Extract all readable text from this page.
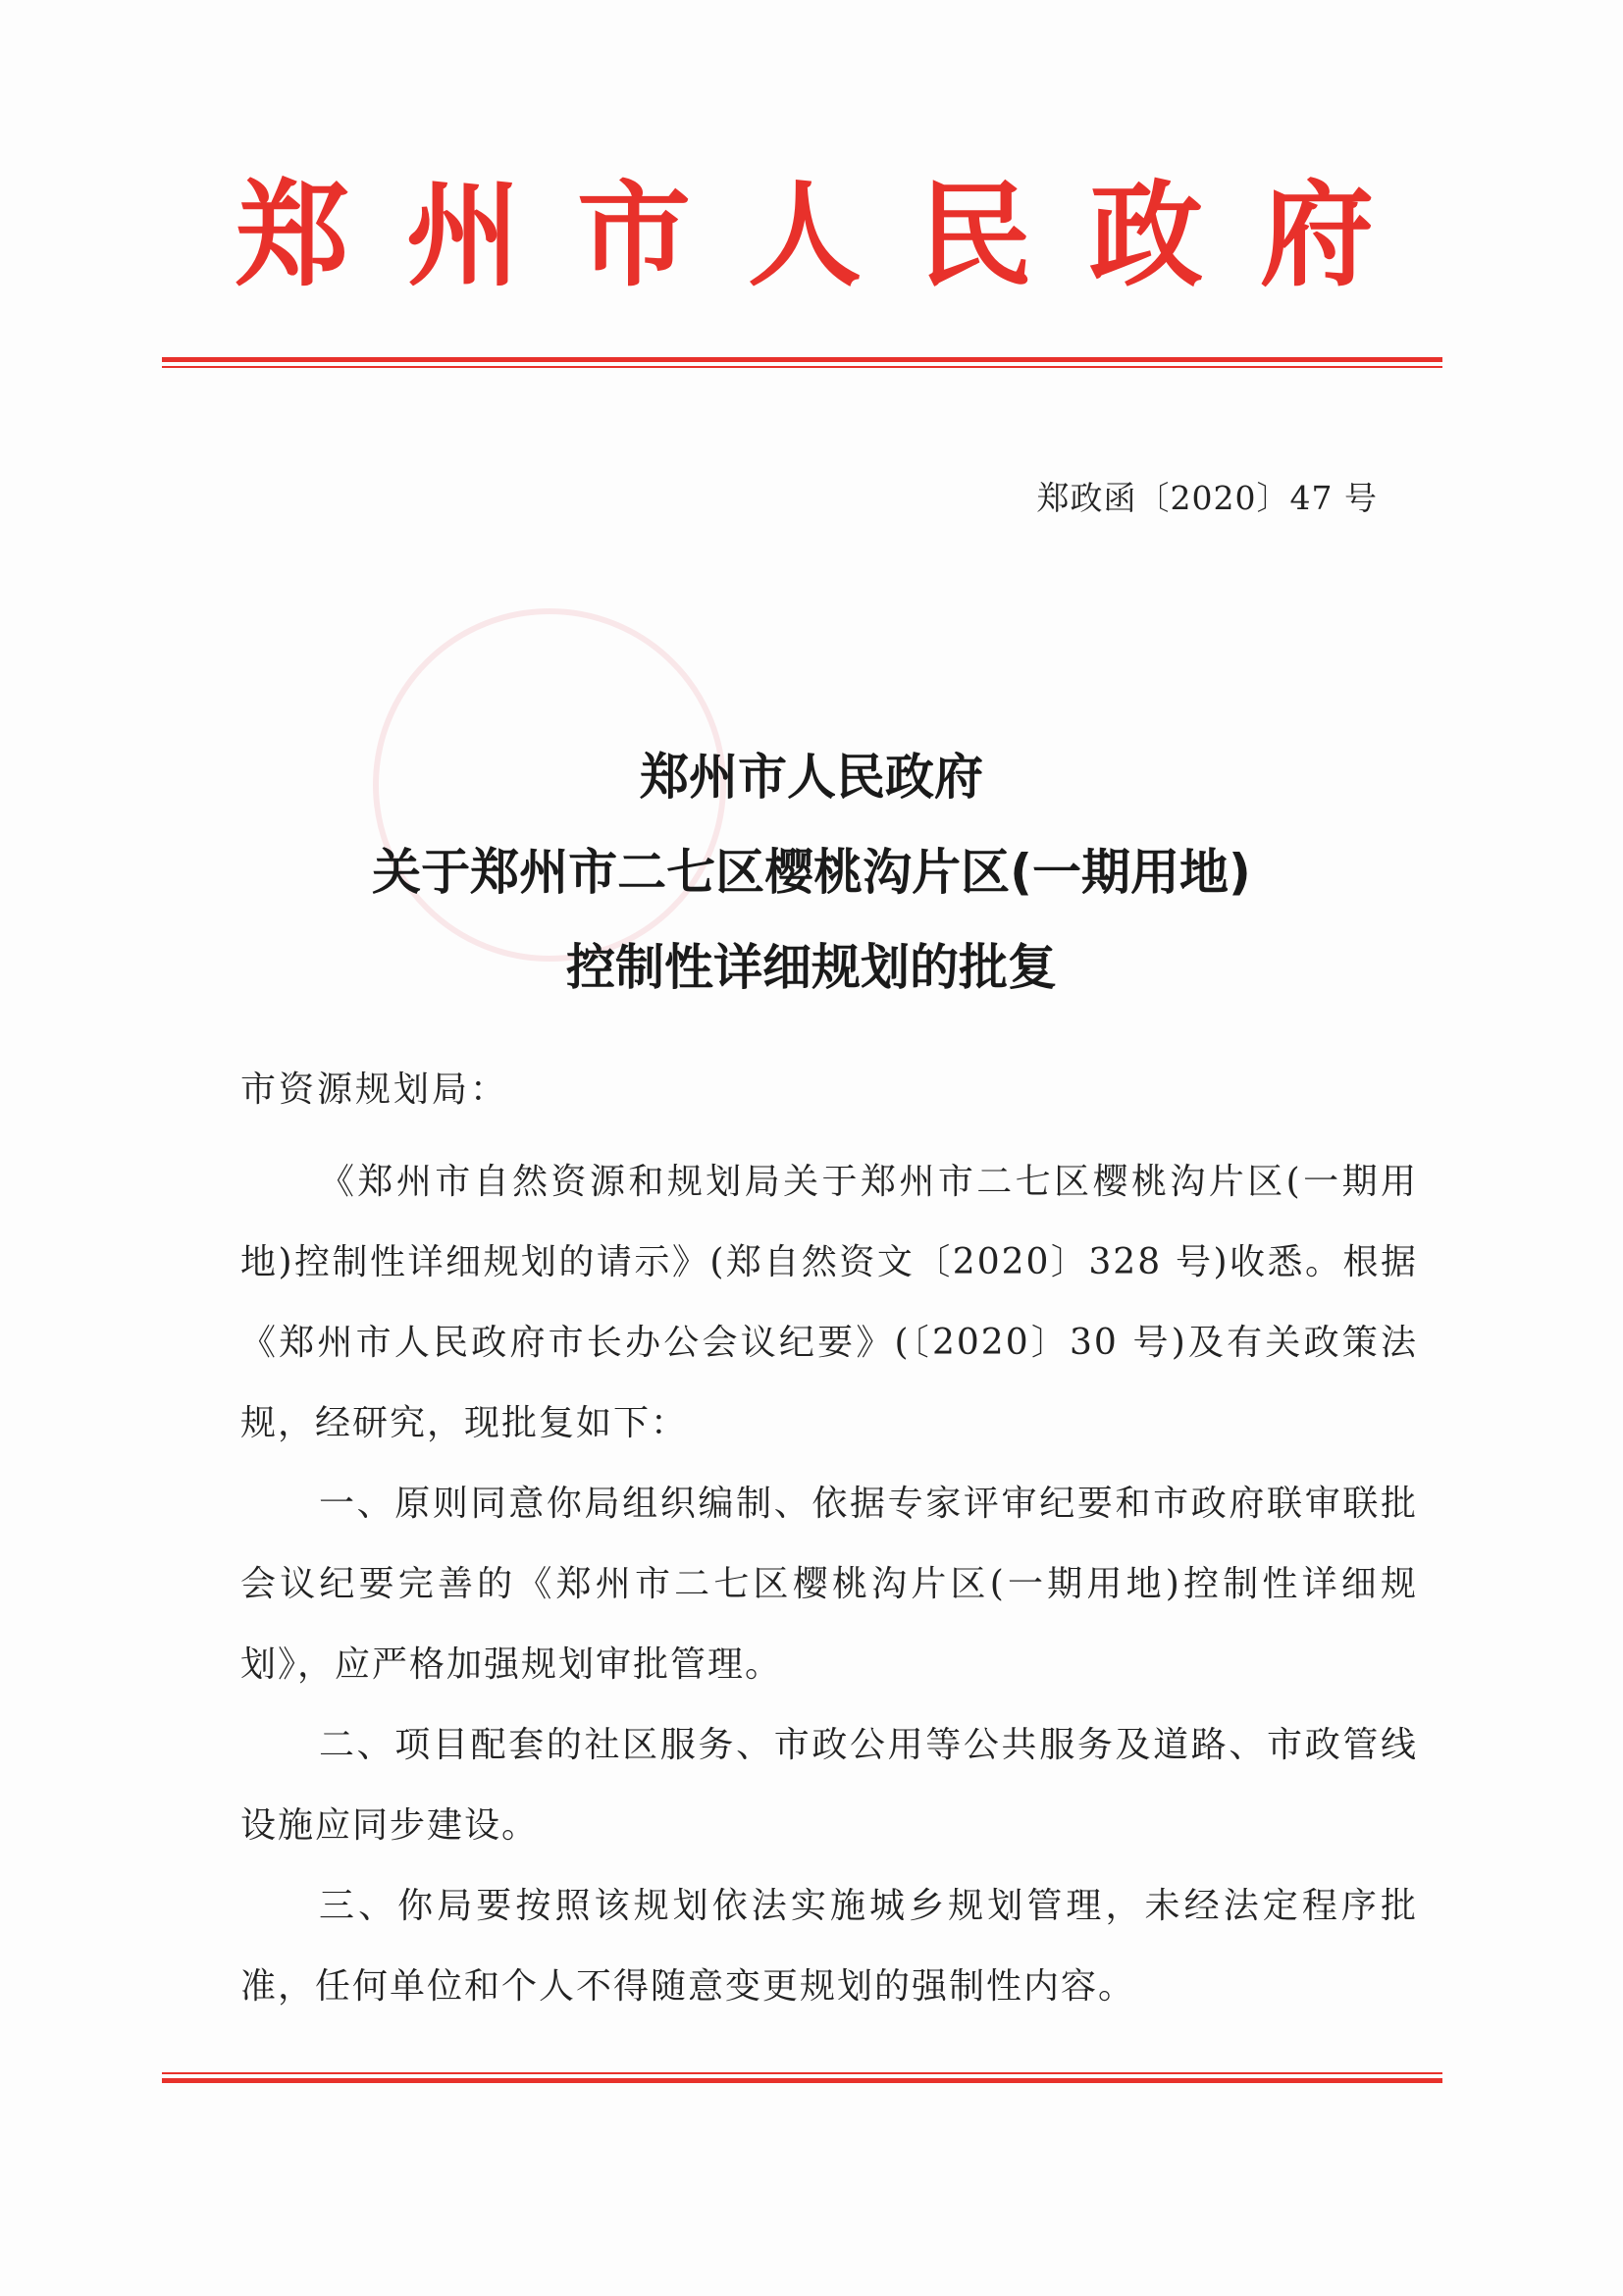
郑州市人民政府
郑政函〔2020〕47 号
郑州市人民政府
关于郑州市二七区樱桃沟片区(一期用地)
控制性详细规划的批复
市资源规划局：

《郑州市自然资源和规划局关于郑州市二七区樱桃沟片区(一期用地)控制性详细规划的请示》(郑自然资文〔2020〕328 号)收悉。根据《郑州市人民政府市长办公会议纪要》(〔2020〕30 号)及有关政策法规，经研究，现批复如下：

一、原则同意你局组织编制、依据专家评审纪要和市政府联审联批会议纪要完善的《郑州市二七区樱桃沟片区(一期用地)控制性详细规划》，应严格加强规划审批管理。

二、项目配套的社区服务、市政公用等公共服务及道路、市政管线设施应同步建设。

三、你局要按照该规划依法实施城乡规划管理，未经法定程序批准，任何单位和个人不得随意变更规划的强制性内容。
